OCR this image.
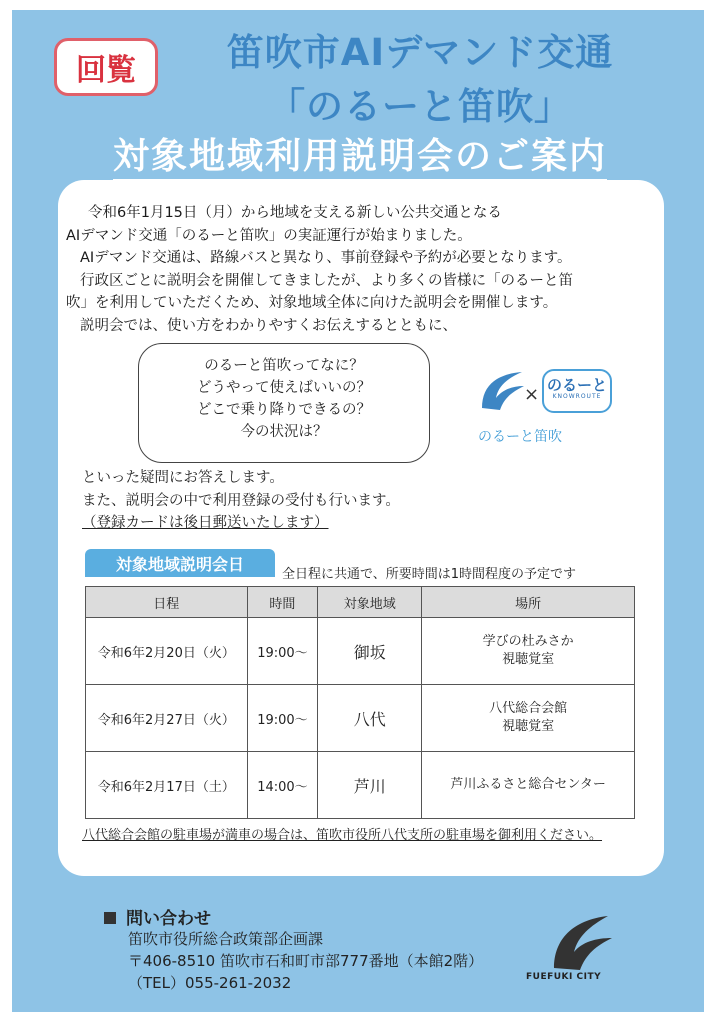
回覧	笛吹市AIデマンド交通
「のるーと笛吹」
対象地域利用説明会のご案内

令和6年1月15日（月）から地域を支える新しい公共交通となる

AIデマンド交通「のるーと笛吹」の実証運行が始まりました。

AIデマンド交通は、路線バスと異なり、事前登録や予約が必要となります。

行政区ごとに説明会を開催してきましたが、より多くの皆様に「のるーと笛

吹」を利用していただくため、対象地域全体に向けた説明会を開催します。

説明会では、使い方をわかりやすくお伝えするとともに、

のるーと笛吹ってなに？
どうやって使えばいいの？
どこで乗り降りできるの？
今の状況は？
× のるーと
KNOWROUTE
のるーと笛吹

といった疑問にお答えします。

また、説明会の中で利用登録の受付も行います。

（登録カードは後日郵送いたします）

対象地域説明会日
全日程に共通で、所要時間は1時間程度の予定です
日程	時間	対象地域	場所
令和6年2月20日（火）	19:00～	御坂	学びの杜みさか
視聴覚室

令和6年2月27日（火）	19:00～	八代	八代総合会館
視聴覚室

令和6年2月17日（土）	14:00～	芦川	芦川ふるさと総合センター
八代総合会館の駐車場が満車の場合は、笛吹市役所八代支所の駐車場を御利用ください。
問い合わせ
笛吹市役所総合政策部企画課
〒406-8510 笛吹市石和町市部777番地（本館2階）
（TEL）055-261-2032	FUEFUKI CITY
